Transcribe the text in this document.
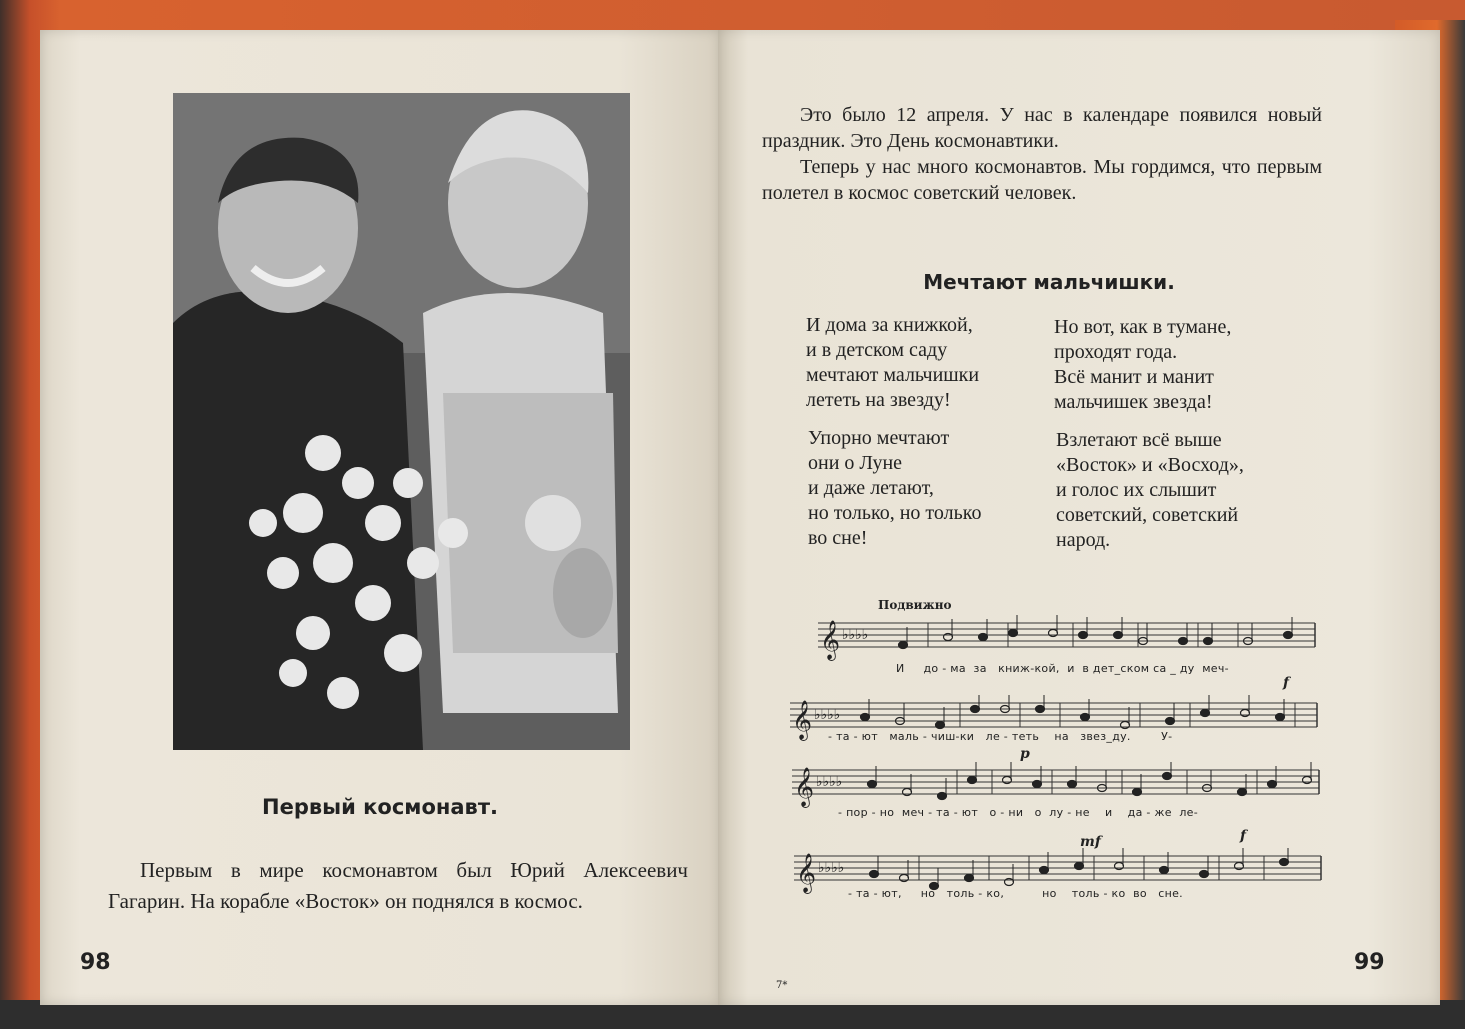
Первый космонавт.
Первым в мире космонавтом был Юрий Алексеевич Гагарин. На корабле «Восток» он поднялся в космос.
98

Это было 12 апреля. У нас в календаре появился новый праздник. Это День космонавтики.

Теперь у нас много космонавтов. Мы гордимся, что первым полетел в космос советский человек.

Мечтают мальчишки.
И дома за книжкой,
и в детском саду
мечтают мальчишки
лететь на звезду!
Но вот, как в тумане,
проходят года.
Всё манит и манит
мальчишек звезда!
Упорно мечтают
они о Луне
и даже летают,
но только, но только
во сне!
Взлетают всё выше
«Восток» и «Восход»,
и голос их слышит
советский, советский
народ.
Подвижно
𝄞 ♭♭♭♭
И     до - ма  за   книж-кой,  и  в дет_ском са _ ду  меч-
𝄞 ♭♭♭♭
- та - ют   маль - чиш-ки   ле - теть    на   звез_ду.        У-
f
𝄞 ♭♭♭♭
- пор - но  меч - та - ют   о - ни   о  лу - не    и    да - же  ле-
p
𝄞 ♭♭♭♭
- та - ют,     но   толь - ко,          но    толь - ко  во   сне.
mf	f
7*
99
